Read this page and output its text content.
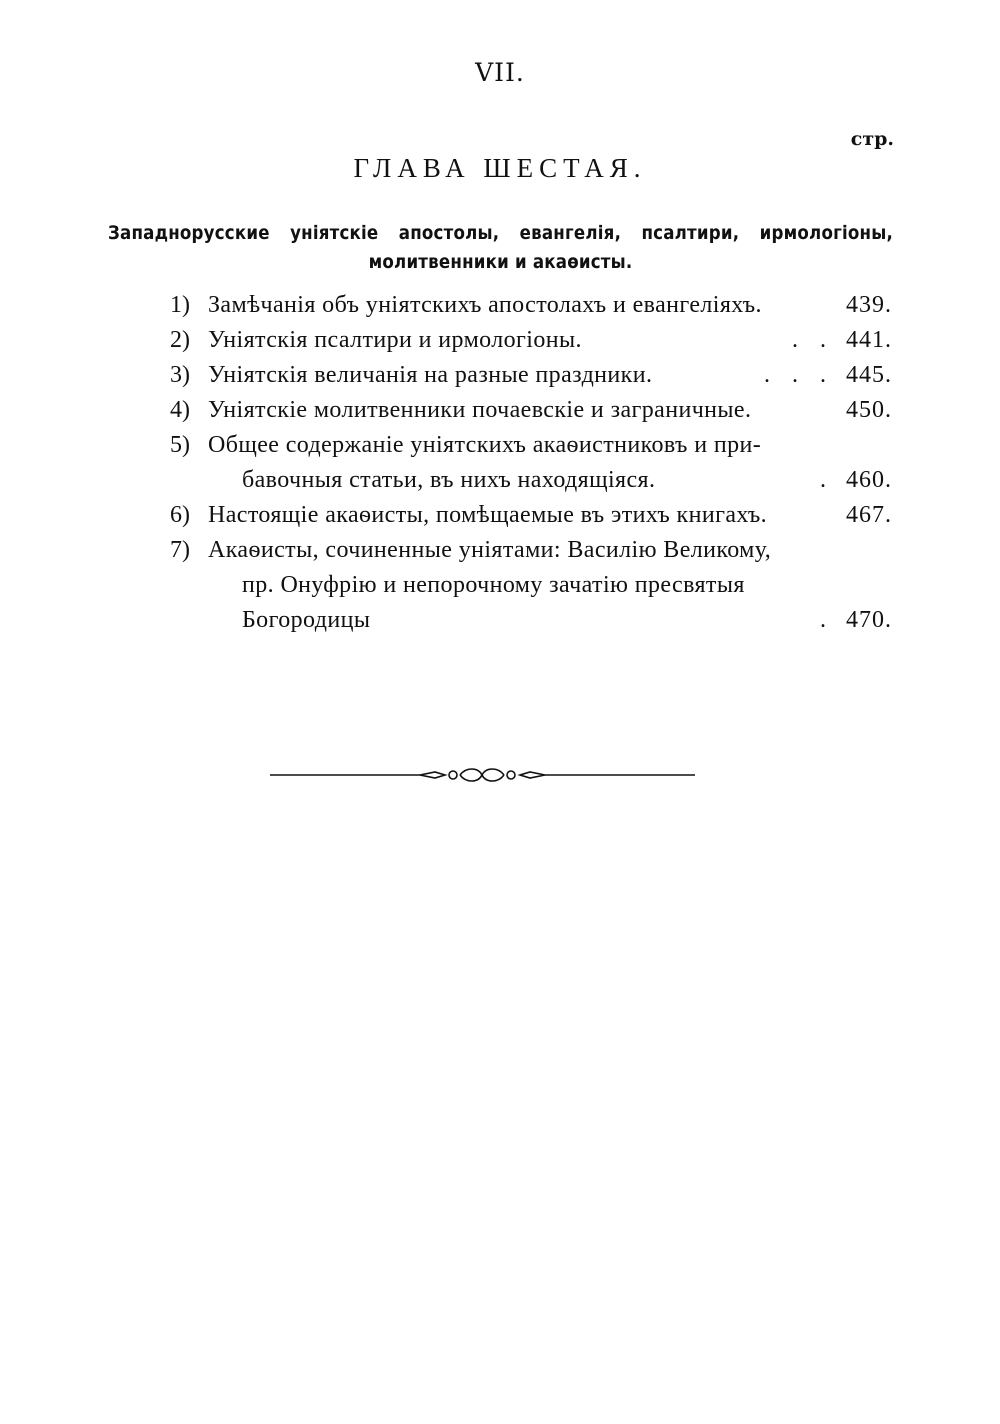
VII.
стр.
ГЛАВА ШЕСТАЯ.
Западнорусские уніятскіе апостолы, евангелія, псалтири, ирмологіоны, молитвенники и акаѳисты.
1) Замѣчанія объ уніятскихъ апостолахъ и евангеліяхъ.	439.
2) Уніятскія псалтири и ирмологіоны.	. . 441.
3) Уніятскія величанія на разные праздники.	. . . 445.
4) Уніятскіе молитвенники почаевскіе и заграничные.	450.
5) Общее содержаніе уніятскихъ акаѳистниковъ и при-
бавочныя статьи, въ нихъ находящіяся.	. 460.
6) Настоящіе акаѳисты, помѣщаемые въ этихъ книгахъ.	467.
7) Акаѳисты, сочиненные уніятами: Василію Великому,
пр. Онуфрію и непорочному зачатію пресвятыя
Богородицы	. 470.
